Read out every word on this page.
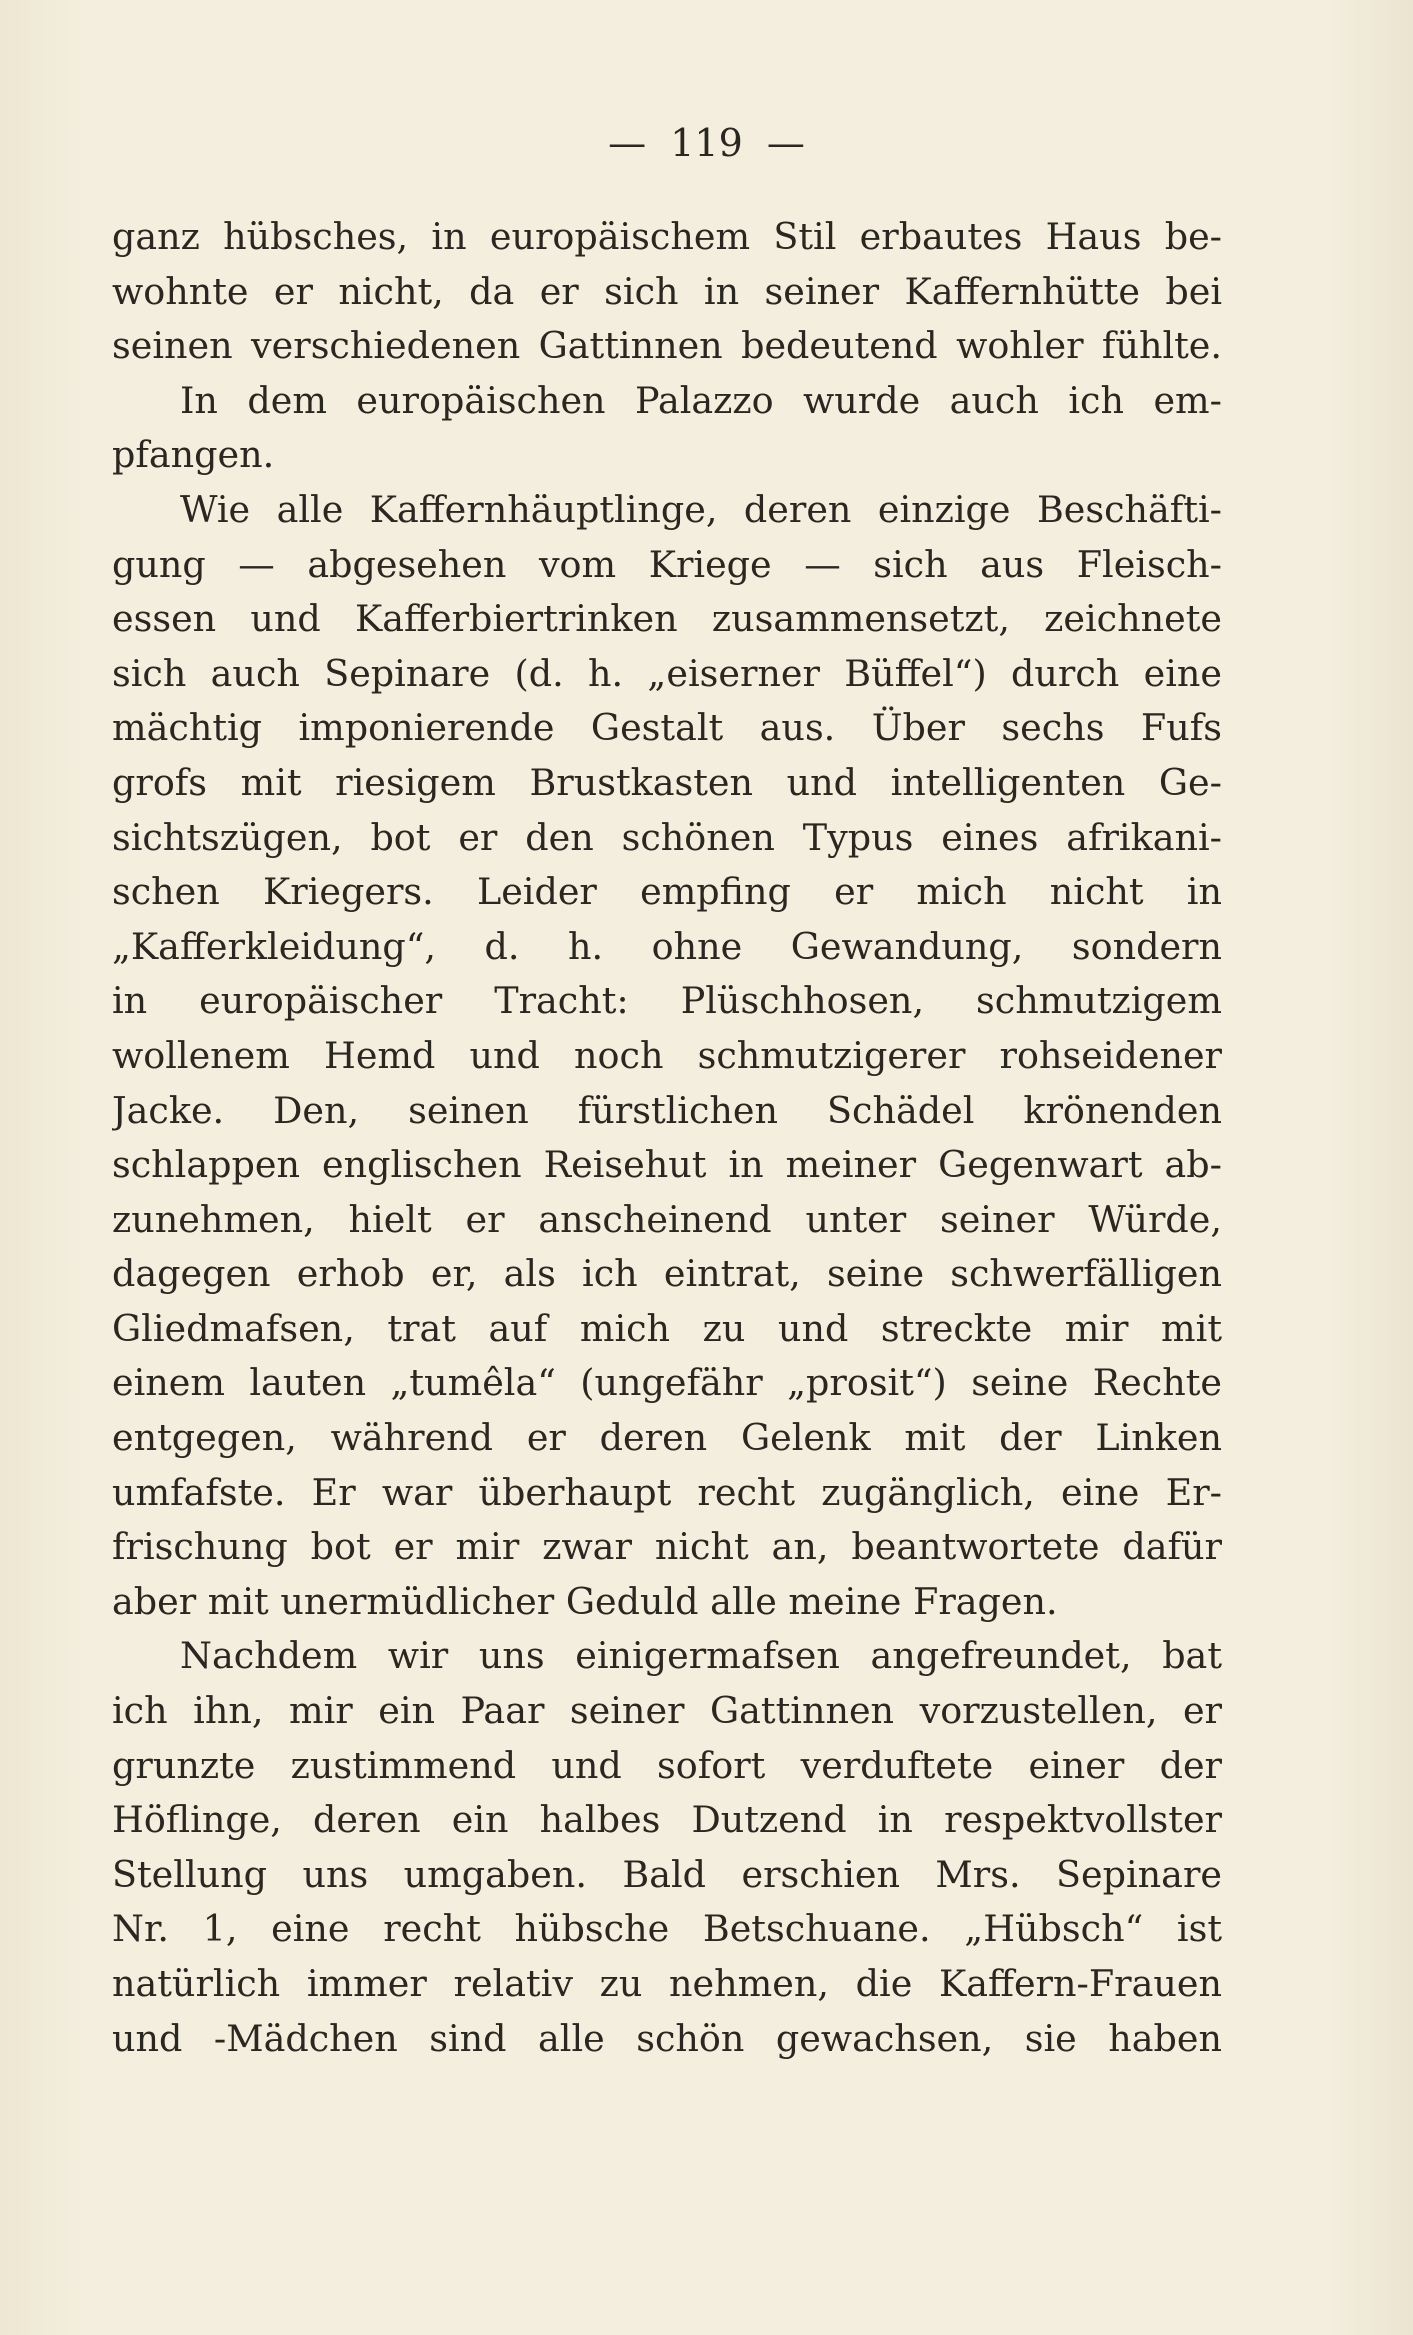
— 119 —
ganz hübsches, in europäischem Stil erbautes Haus be-
wohnte er nicht, da er sich in seiner Kaffernhütte bei
seinen verschiedenen Gattinnen bedeutend wohler fühlte.
In dem europäischen Palazzo wurde auch ich em-
pfangen.
Wie alle Kaffernhäuptlinge, deren einzige Beschäfti-
gung — abgesehen vom Kriege — sich aus Fleisch-
essen und Kafferbiertrinken zusammensetzt, zeichnete
sich auch Sepinare (d. h. „eiserner Büffel“) durch eine
mächtig imponierende Gestalt aus. Über sechs Fufs
grofs mit riesigem Brustkasten und intelligenten Ge-
sichtszügen, bot er den schönen Typus eines afrikani-
schen Kriegers. Leider empfing er mich nicht in
„Kafferkleidung“, d. h. ohne Gewandung, sondern
in europäischer Tracht: Plüschhosen, schmutzigem
wollenem Hemd und noch schmutzigerer rohseidener
Jacke. Den, seinen fürstlichen Schädel krönenden
schlappen englischen Reisehut in meiner Gegenwart ab-
zunehmen, hielt er anscheinend unter seiner Würde,
dagegen erhob er, als ich eintrat, seine schwerfälligen
Gliedmafsen, trat auf mich zu und streckte mir mit
einem lauten „tumêla“ (ungefähr „prosit“) seine Rechte
entgegen, während er deren Gelenk mit der Linken
umfafste. Er war überhaupt recht zugänglich, eine Er-
frischung bot er mir zwar nicht an, beantwortete dafür
aber mit unermüdlicher Geduld alle meine Fragen.
Nachdem wir uns einigermafsen angefreundet, bat
ich ihn, mir ein Paar seiner Gattinnen vorzustellen, er
grunzte zustimmend und sofort verduftete einer der
Höflinge, deren ein halbes Dutzend in respektvollster
Stellung uns umgaben. Bald erschien Mrs. Sepinare
Nr. 1, eine recht hübsche Betschuane. „Hübsch“ ist
natürlich immer relativ zu nehmen, die Kaffern-Frauen
und -Mädchen sind alle schön gewachsen, sie haben
